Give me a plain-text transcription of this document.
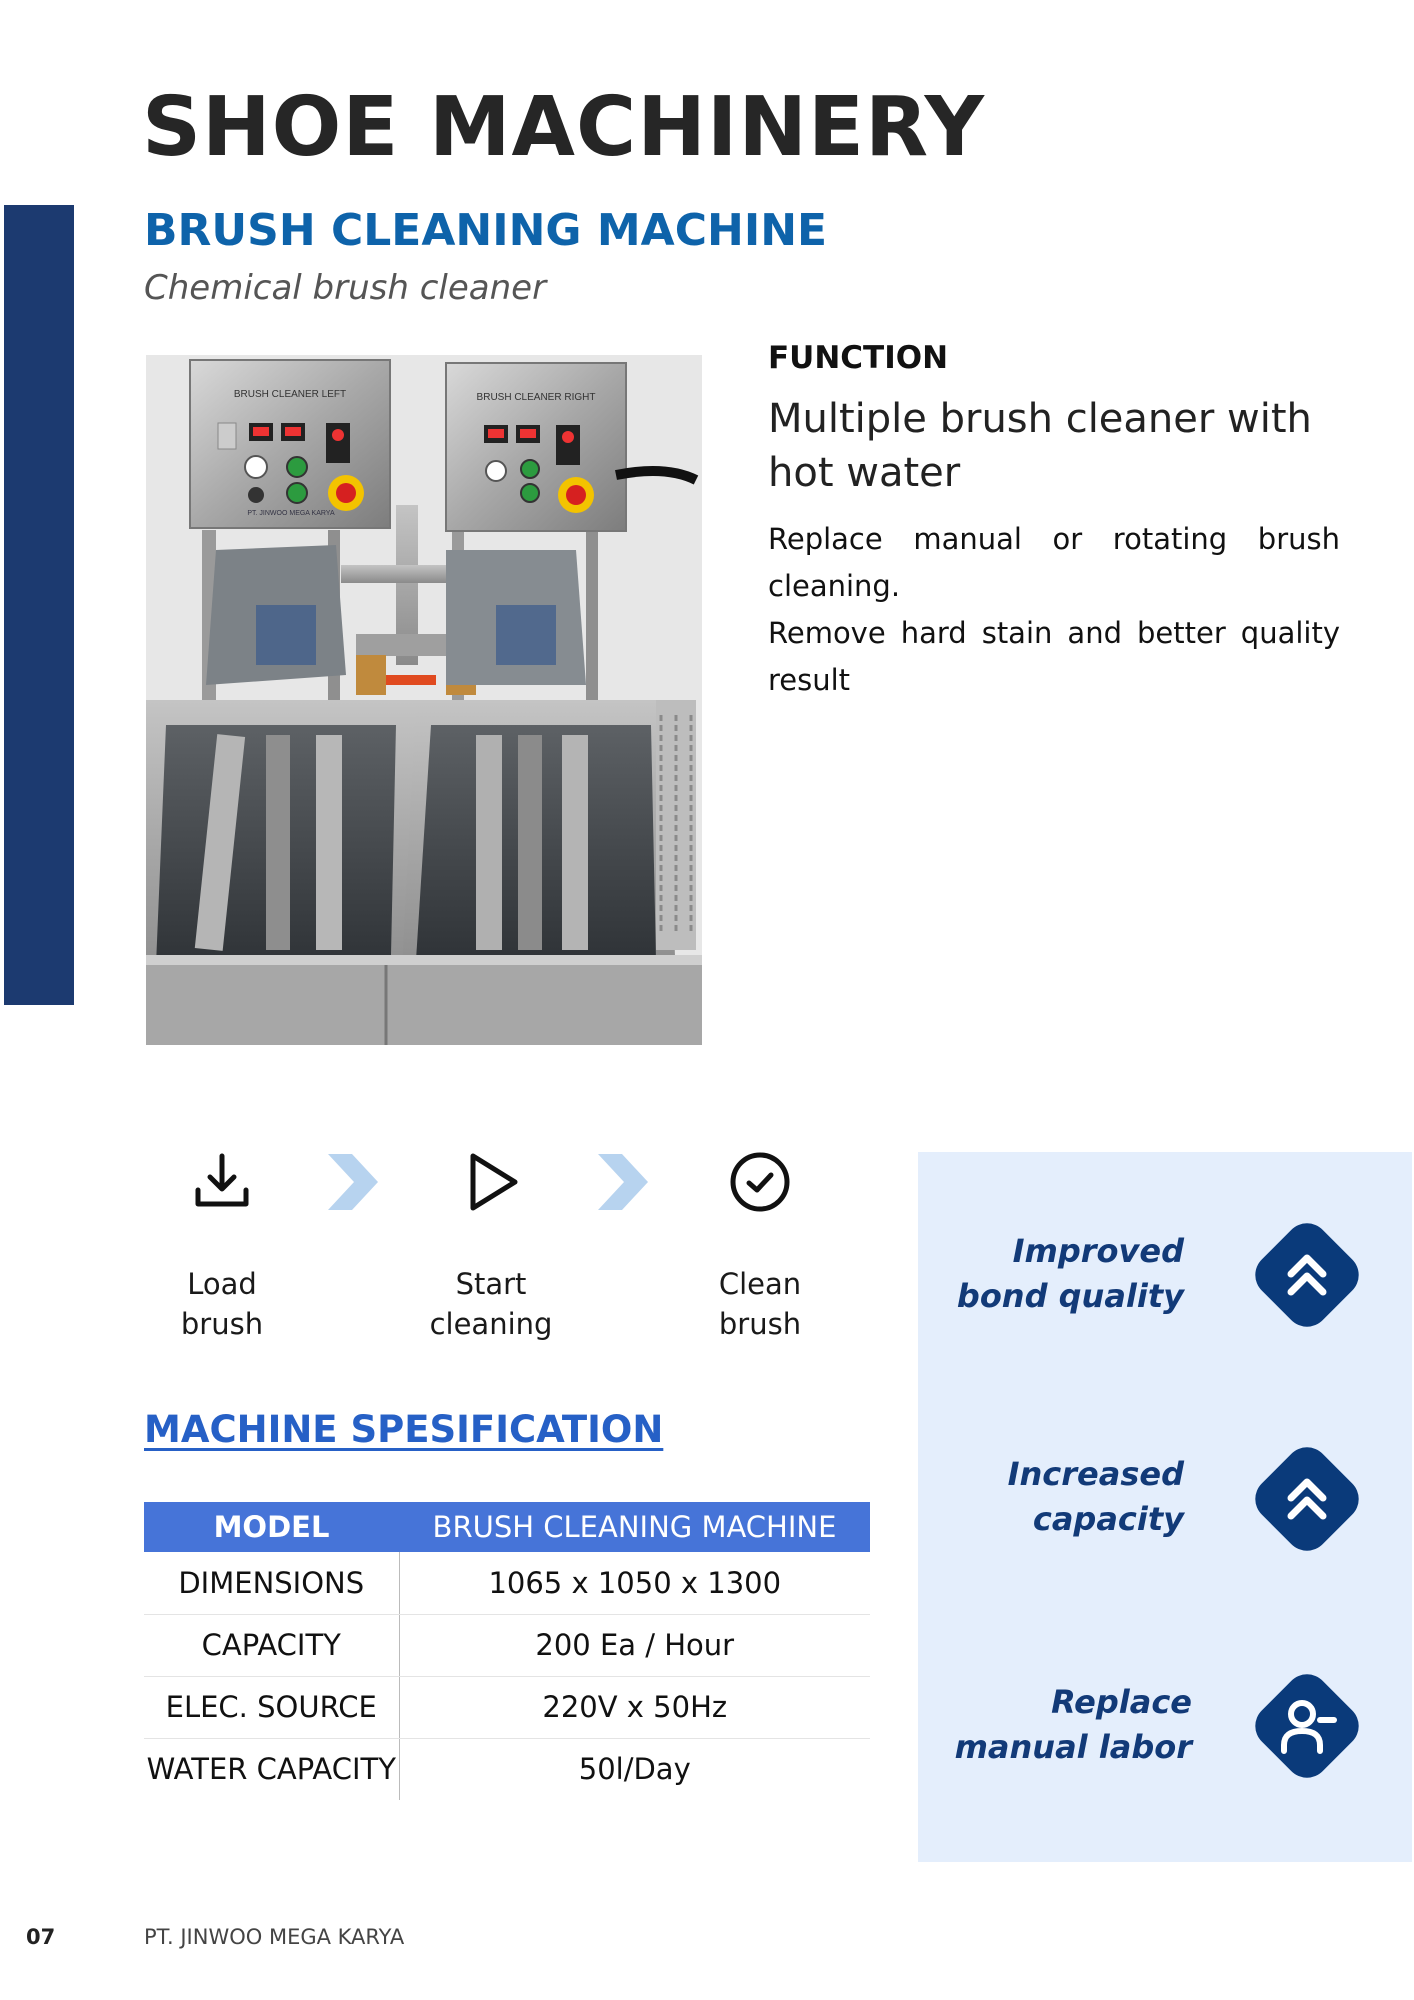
SHOE MACHINERY
BRUSH CLEANING MACHINE
Chemical brush cleaner
BRUSH CLEANER LEFT
PT. JINWOO MEGA KARYA
BRUSH CLEANER RIGHT
FUNCTION
Multiple brush cleaner with hot water

Replace manual or rotating brush cleaning.

Remove hard stain and better quality result

Load
brush
Start
cleaning
Clean
brush
MACHINE SPESIFICATION
MODEL	BRUSH CLEANING MACHINE
DIMENSIONS	1065 x 1050 x 1300
CAPACITY	200 Ea / Hour
ELEC. SOURCE	220V x 50Hz
WATER CAPACITY	50l/Day
Improved
bond quality
Increased
capacity
Replace
manual labor
07	PT. JINWOO MEGA KARYA
